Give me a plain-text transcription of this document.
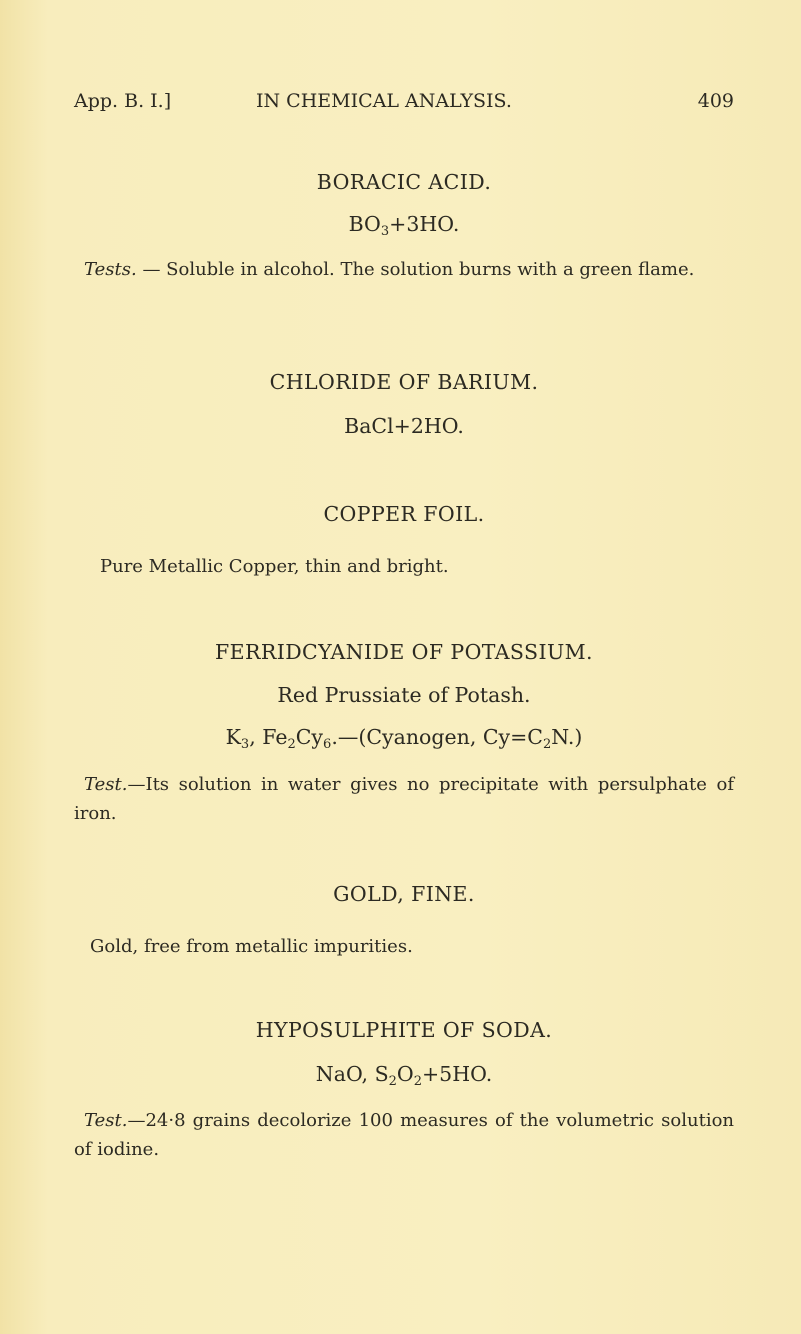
App. B. I.]	IN CHEMICAL ANALYSIS.	409
BORACIC ACID.
$BO_3+3HO$.
Tests. — Soluble in alcohol. The solution burns with a green flame.
CHLORIDE OF BARIUM.
BaCl+2HO.
COPPER FOIL.
Pure Metallic Copper, thin and bright.
FERRIDCYANIDE OF POTASSIUM.
Red Prussiate of Potash.
$K_3$, $Fe_2Cy_6.—(Cyanogen$, $Cy=C_2N$.)
Test.—Its solution in water gives no precipitate with persulphate of iron.
GOLD, FINE.
Gold, free from metallic impurities.
HYPOSULPHITE OF SODA.
NaO, $S_2O_2+5HO$.
Test.—24·8 grains decolorize 100 measures of the volumetric solution of iodine.
